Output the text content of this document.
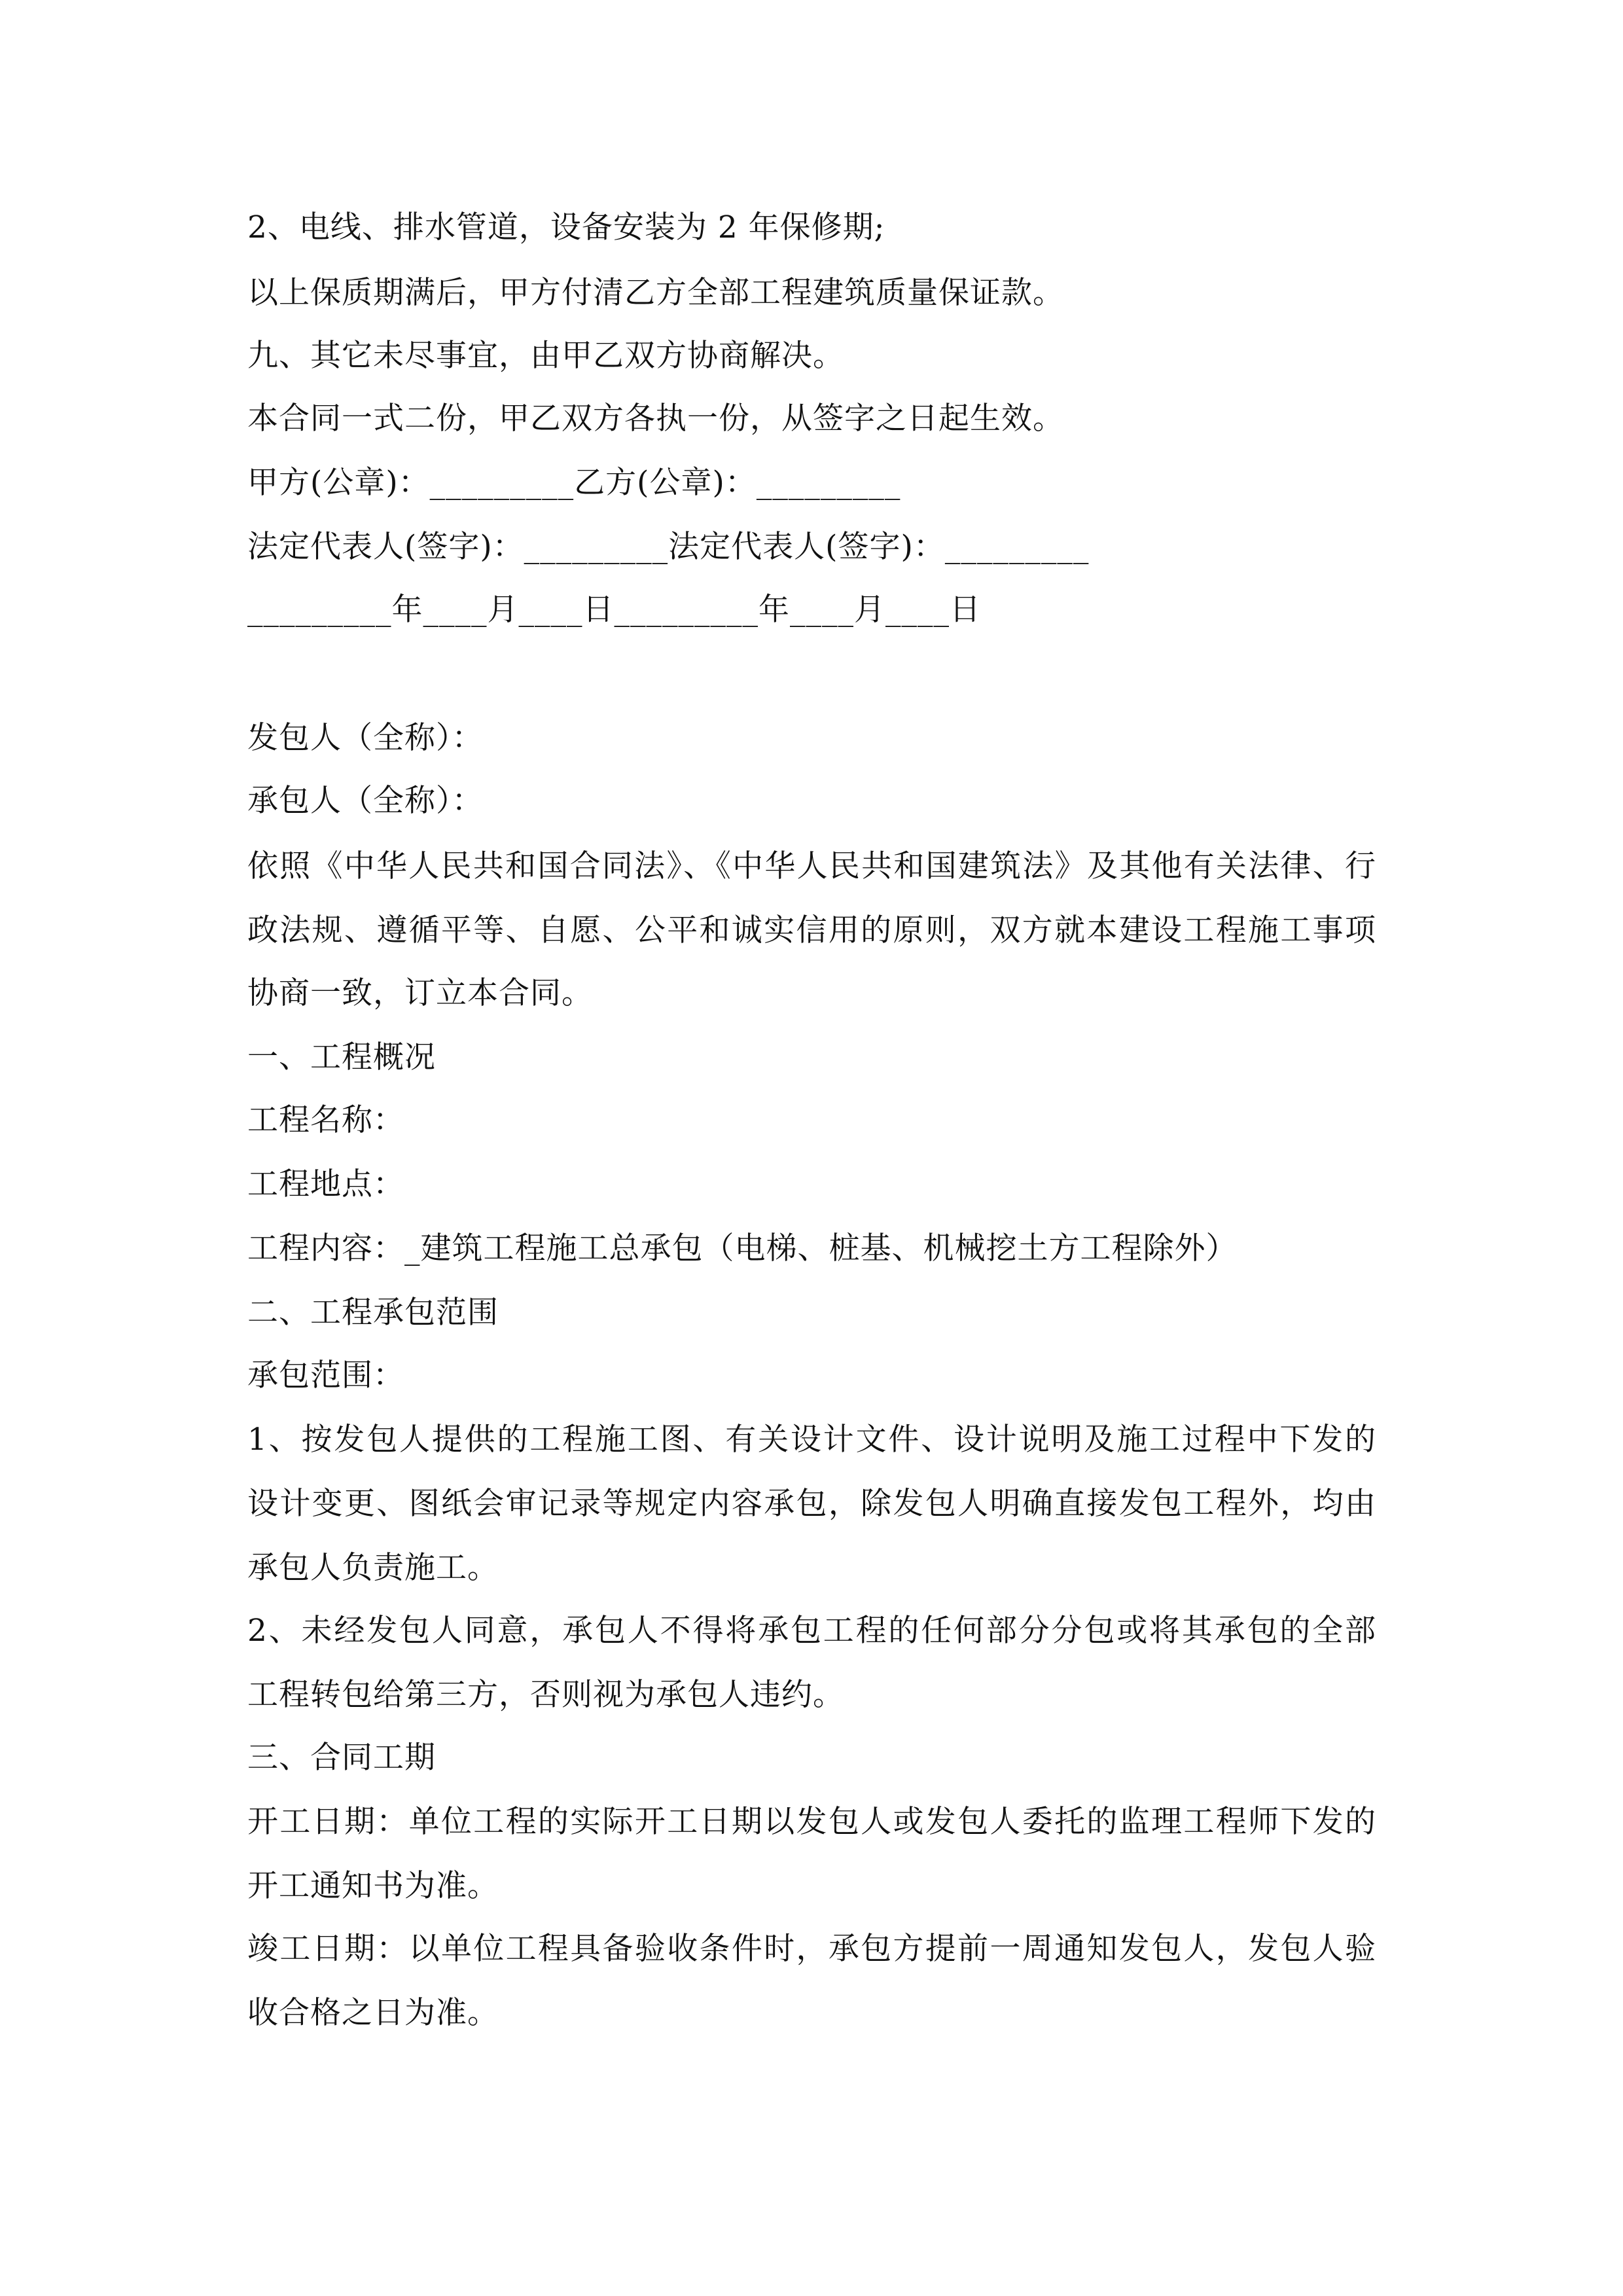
2、电线、排水管道，设备安装为 2 年保修期;
以上保质期满后，甲方付清乙方全部工程建筑质量保证款。
九、其它未尽事宜，由甲乙双方协商解决。
本合同一式二份，甲乙双方各执一份，从签字之日起生效。
甲方(公章)：_________乙方(公章)：_________
法定代表人(签字)：_________法定代表人(签字)：_________
_________年____月____日_________年____月____日
发包人（全称）：
承包人（全称）：
依照《中华人民共和国合同法》、《中华人民共和国建筑法》及其他有关法律、行
政法规、遵循平等、自愿、公平和诚实信用的原则，双方就本建设工程施工事项
协商一致，订立本合同。
一、工程概况
工程名称：
工程地点：
工程内容：_建筑工程施工总承包（电梯、桩基、机械挖土方工程除外）
二、工程承包范围
承包范围：
1、按发包人提供的工程施工图、有关设计文件、设计说明及施工过程中下发的
设计变更、图纸会审记录等规定内容承包，除发包人明确直接发包工程外，均由
承包人负责施工。
2、未经发包人同意，承包人不得将承包工程的任何部分分包或将其承包的全部
工程转包给第三方，否则视为承包人违约。
三、合同工期
开工日期：单位工程的实际开工日期以发包人或发包人委托的监理工程师下发的
开工通知书为准。
竣工日期：以单位工程具备验收条件时，承包方提前一周通知发包人，发包人验
收合格之日为准。
